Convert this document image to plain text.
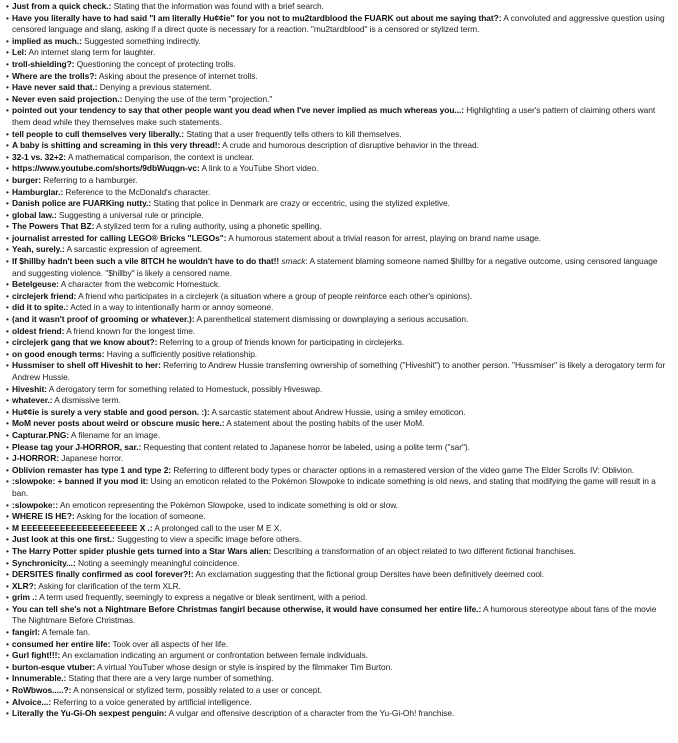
• Just from a quick check.: Stating that the information was found with a brief search.
• Have you literally have to had said "I am literally Hu¢¢ie" for you not to mu2tardblood the FUARK out about me saying that?: A convoluted and aggressive question using censored language and slang, asking if a direct quote is necessary for a reaction. "mu2tardblood" is a censored or stylized term.
• implied as much.: Suggested something indirectly.
• Lel: An internet slang term for laughter.
• troll-shielding?: Questioning the concept of protecting trolls.
• Where are the trolls?: Asking about the presence of internet trolls.
• Have never said that.: Denying a previous statement.
• Never even said projection.: Denying the use of the term "projection."
• pointed out your tendency to say that other people want you dead when I've never implied as much whereas you...: Highlighting a user's pattern of claiming others want them dead while they themselves make such statements.
• tell people to cull themselves very liberally.: Stating that a user frequently tells others to kill themselves.
• A baby is shitting and screaming in this very thread!: A crude and humorous description of disruptive behavior in the thread.
• 32-1 vs. 32+2: A mathematical comparison, the context is unclear.
• https://www.youtube.com/shorts/9dbWuqgn-vc: A link to a YouTube Short video.
• burger: Referring to a hamburger.
• Hamburglar.: Reference to the McDonald's character.
• Danish police are FUARKing nutty.: Stating that police in Denmark are crazy or eccentric, using the stylized expletive.
• global law.: Suggesting a universal rule or principle.
• The Powers That BZ: A stylized term for a ruling authority, using a phonetic spelling.
• journalist arrested for calling LEGO® Bricks "LEGOs": A humorous statement about a trivial reason for arrest, playing on brand name usage.
• Yeah, surely.: A sarcastic expression of agreement.
• If $hillby hadn't been such a vile 8ITCH he wouldn't have to do that!! smack: A statement blaming someone named $hillby for a negative outcome, using censored language and suggesting violence. "$hillby" is likely a censored name.
• Betelgeuse: A character from the webcomic Homestuck.
• circlejerk friend: A friend who participates in a circlejerk (a situation where a group of people reinforce each other's opinions).
• did it to spite.: Acted in a way to intentionally harm or annoy someone.
• (and it wasn't proof of grooming or whatever.): A parenthetical statement dismissing or downplaying a serious accusation.
• oldest friend: A friend known for the longest time.
• circlejerk gang that we know about?: Referring to a group of friends known for participating in circlejerks.
• on good enough terms: Having a sufficiently positive relationship.
• Hussmiser to shell off Hiveshit to her: Referring to Andrew Hussie transferring ownership of something ("Hiveshit") to another person. "Hussmiser" is likely a derogatory term for Andrew Hussie.
• Hiveshit: A derogatory term for something related to Homestuck, possibly Hiveswap.
• whatever.: A dismissive term.
• Hu¢¢ie is surely a very stable and good person. :): A sarcastic statement about Andrew Hussie, using a smiley emoticon.
• MoM never posts about weird or obscure music here.: A statement about the posting habits of the user MoM.
• Capturar.PNG: A filename for an image.
• Please tag your J-HORROR, sar.: Requesting that content related to Japanese horror be labeled, using a polite term ("sar").
• J-HORROR: Japanese horror.
• Oblivion remaster has type 1 and type 2: Referring to different body types or character options in a remastered version of the video game The Elder Scrolls IV: Oblivion.
• :slowpoke: + banned if you mod it: Using an emoticon related to the Pokémon Slowpoke to indicate something is old news, and stating that modifying the game will result in a ban.
• :slowpoke:: An emoticon representing the Pokémon Slowpoke, used to indicate something is old or slow.
• WHERE IS HE?: Asking for the location of someone.
• M EEEEEEEEEEEEEEEEEEEEE X .: A prolonged call to the user M E X.
• Just look at this one first.: Suggesting to view a specific image before others.
• The Harry Potter spider plushie gets turned into a Star Wars alien: Describing a transformation of an object related to two different fictional franchises.
• Synchronicity...: Noting a seemingly meaningful coincidence.
• DERSITES finally confirmed as cool forever?!: An exclamation suggesting that the fictional group Dersites have been definitively deemed cool.
• XLR?: Asking for clarification of the term XLR.
• grim .: A term used frequently, seemingly to express a negative or bleak sentiment, with a period.
• You can tell she's not a Nightmare Before Christmas fangirl because otherwise, it would have consumed her entire life.: A humorous stereotype about fans of the movie The Nightmare Before Christmas.
• fangirl: A female fan.
• consumed her entire life: Took over all aspects of her life.
• Gurl fight!!!: An exclamation indicating an argument or confrontation between female individuals.
• burton-esque vtuber: A virtual YouTuber whose design or style is inspired by the filmmaker Tim Burton.
• Innumerable.: Stating that there are a very large number of something.
• RoWbwos.....?: A nonsensical or stylized term, possibly related to a user or concept.
• AIvoice...: Referring to a voice generated by artificial intelligence.
• Literally the Yu-Gi-Oh sexpest penguin: A vulgar and offensive description of a character from the Yu-Gi-Oh! franchise.
